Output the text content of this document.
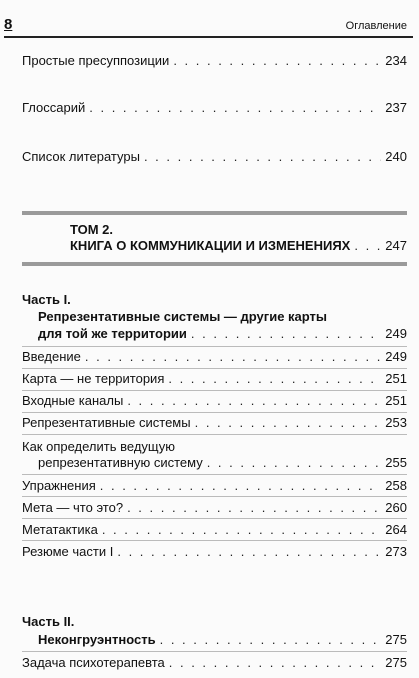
8	Оглавление
Простые пресуппозиции . . .	234
Глоссарий . . .	237
Список литературы . . .	240
ТОМ 2.
КНИГА О КОММУНИКАЦИИ И ИЗМЕНЕНИЯХ . . .	247
Часть I.
Репрезентативные системы — другие карты
для той же территории . . .	249
Введение . . .	249
Карта — не территория . . .	251
Входные каналы . . .	251
Репрезентативные системы . . .	253
Как определить ведущую
репрезентативную систему . . .	255
Упражнения . . .	258
Мета — что это? . . .	260
Метатактика . . .	264
Резюме части I . . .	273
Часть II.
Неконгруэнтность . . .	275
Задача психотерапевта . . .	275
